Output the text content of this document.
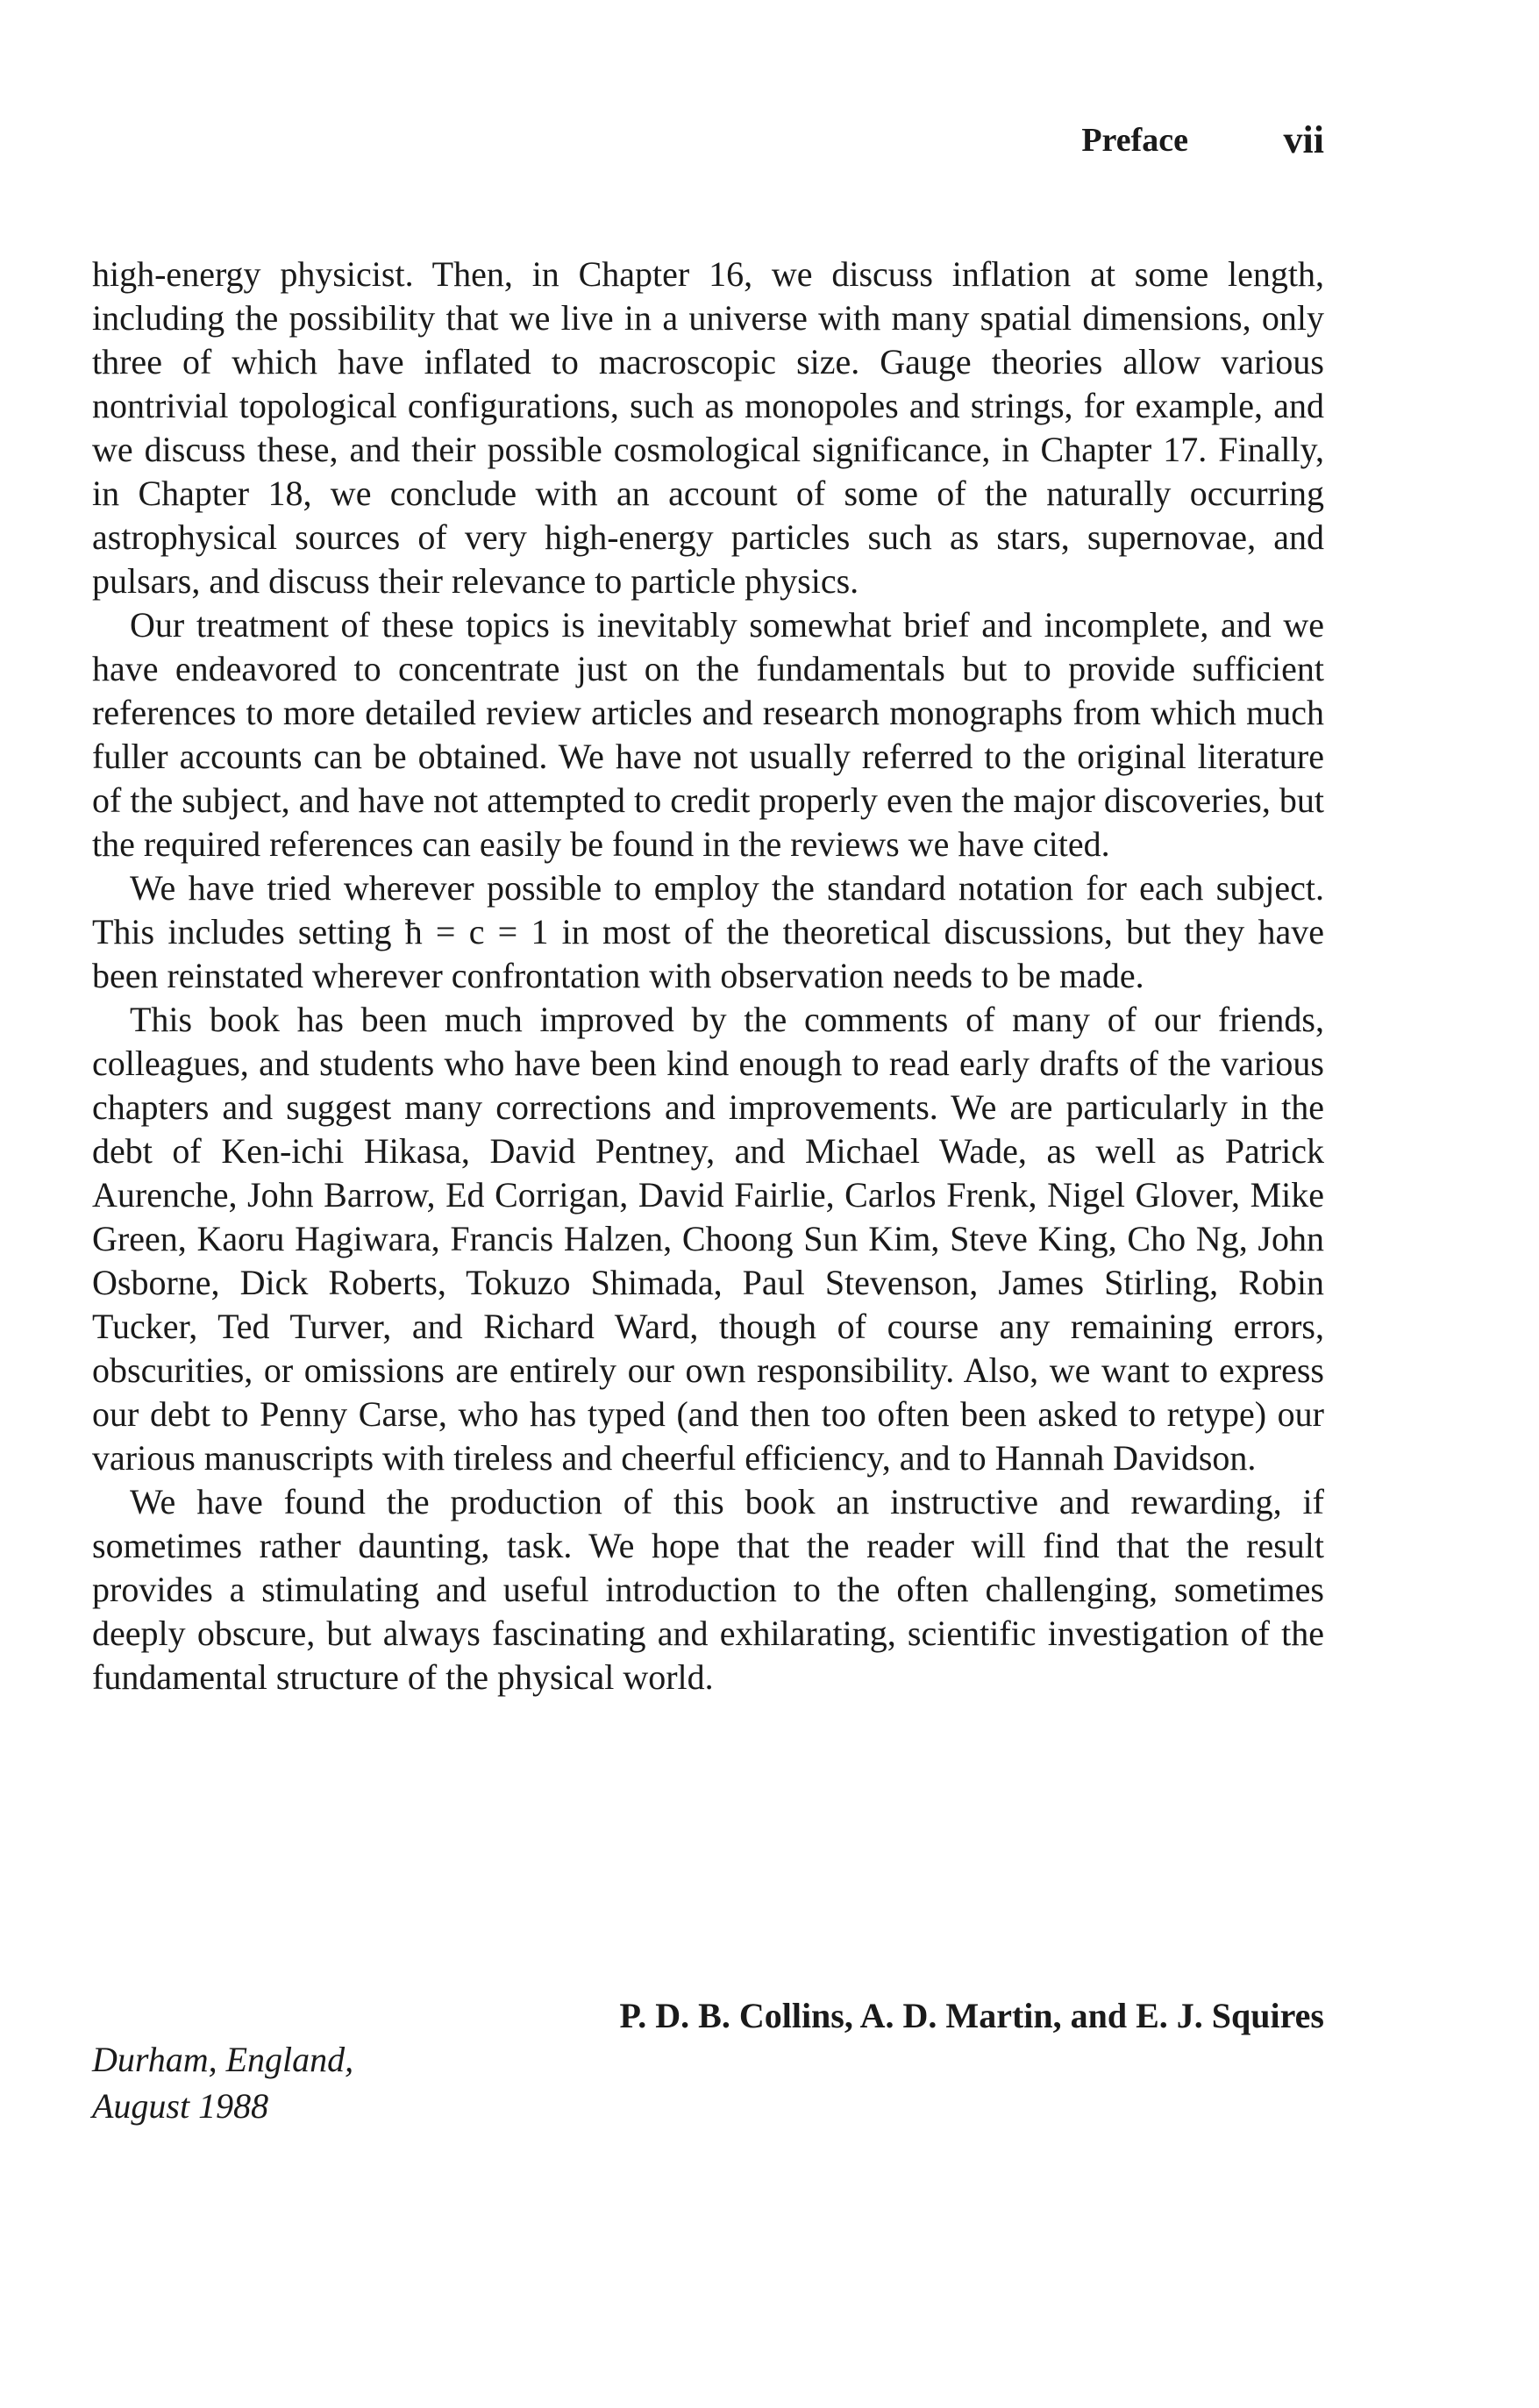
Preface vii

high-energy physicist. Then, in Chapter 16, we discuss inflation at some length, including the possibility that we live in a universe with many spatial dimensions, only three of which have inflated to macroscopic size. Gauge theories allow various nontrivial topological configurations, such as monopoles and strings, for example, and we discuss these, and their possible cosmological significance, in Chapter 17. Finally, in Chapter 18, we conclude with an account of some of the naturally occurring astrophysical sources of very high-energy particles such as stars, supernovae, and pulsars, and discuss their relevance to particle physics.

Our treatment of these topics is inevitably somewhat brief and incomplete, and we have endeavored to concentrate just on the fundamentals but to provide sufficient references to more detailed review articles and research monographs from which much fuller accounts can be obtained. We have not usually referred to the original literature of the subject, and have not attempted to credit properly even the major discoveries, but the required references can easily be found in the reviews we have cited.

We have tried wherever possible to employ the standard notation for each subject. This includes setting ħ = c = 1 in most of the theoretical discussions, but they have been reinstated wherever confrontation with observation needs to be made.

This book has been much improved by the comments of many of our friends, colleagues, and students who have been kind enough to read early drafts of the various chapters and suggest many corrections and improvements. We are particularly in the debt of Ken-ichi Hikasa, David Pentney, and Michael Wade, as well as Patrick Aurenche, John Barrow, Ed Corrigan, David Fairlie, Carlos Frenk, Nigel Glover, Mike Green, Kaoru Hagiwara, Francis Halzen, Choong Sun Kim, Steve King, Cho Ng, John Osborne, Dick Roberts, Tokuzo Shimada, Paul Stevenson, James Stirling, Robin Tucker, Ted Turver, and Richard Ward, though of course any remaining errors, obscurities, or omissions are entirely our own responsibility. Also, we want to express our debt to Penny Carse, who has typed (and then too often been asked to retype) our various manuscripts with tireless and cheerful efficiency, and to Hannah Davidson.

We have found the production of this book an instructive and rewarding, if sometimes rather daunting, task. We hope that the reader will find that the result provides a stimulating and useful introduction to the often challenging, sometimes deeply obscure, but always fascinating and exhilarating, scientific investigation of the fundamental structure of the physical world.

P. D. B. Collins, A. D. Martin, and E. J. Squires
Durham, England,
August 1988
